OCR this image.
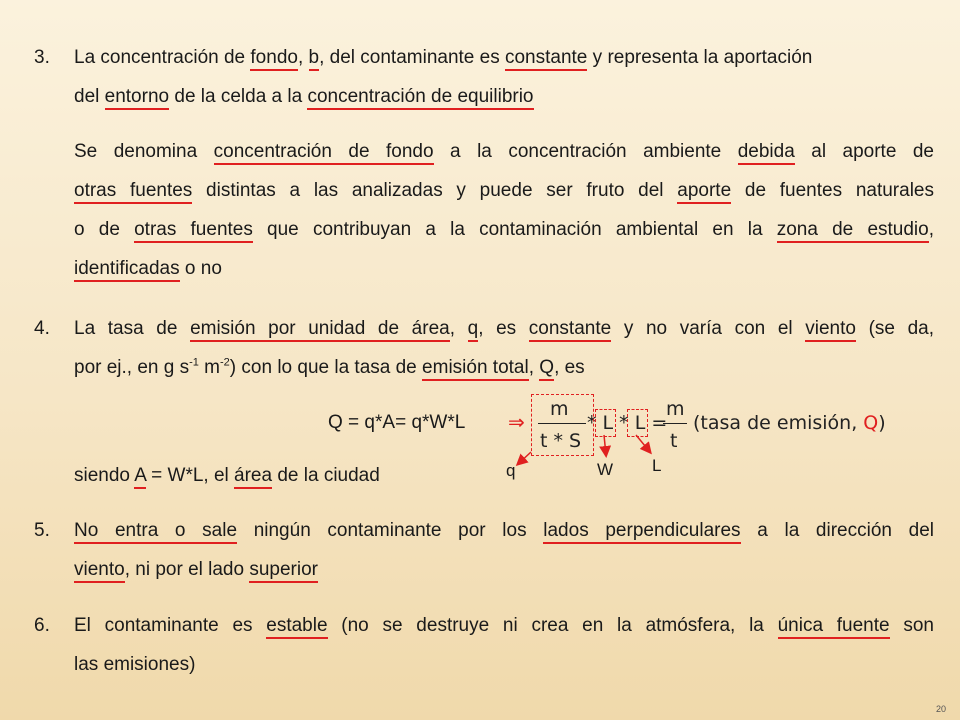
3. La concentración de fondo, b, del contaminante es constante y representa la aportación
del entorno de la celda a la concentración de equilibrio
Se denomina concentración de fondo a la concentración ambiente debida al aporte de
otras fuentes distintas a las analizadas y puede ser fruto del aporte de fuentes naturales
o de otras fuentes que contribuyan a la contaminación ambiental en la zona de estudio,
identificadas o no
4. La tasa de emisión por unidad de área, q, es constante y no varía con el viento (se da,
por ej., en g $s^{-1}$ $m^{-2}$) con lo que la tasa de emisión total, Q, es
Q = q*A= q*W*L ⇒
m
t * S
* L * L =
m
t
(tasa de emisión, Q)
q	W L
siendo A = W*L, el área de la ciudad
5. No entra o sale ningún contaminante por los lados perpendiculares a la dirección del
viento, ni por el lado superior
6. El contaminante es estable (no se destruye ni crea en la atmósfera, la única fuente son
las emisiones)
20
